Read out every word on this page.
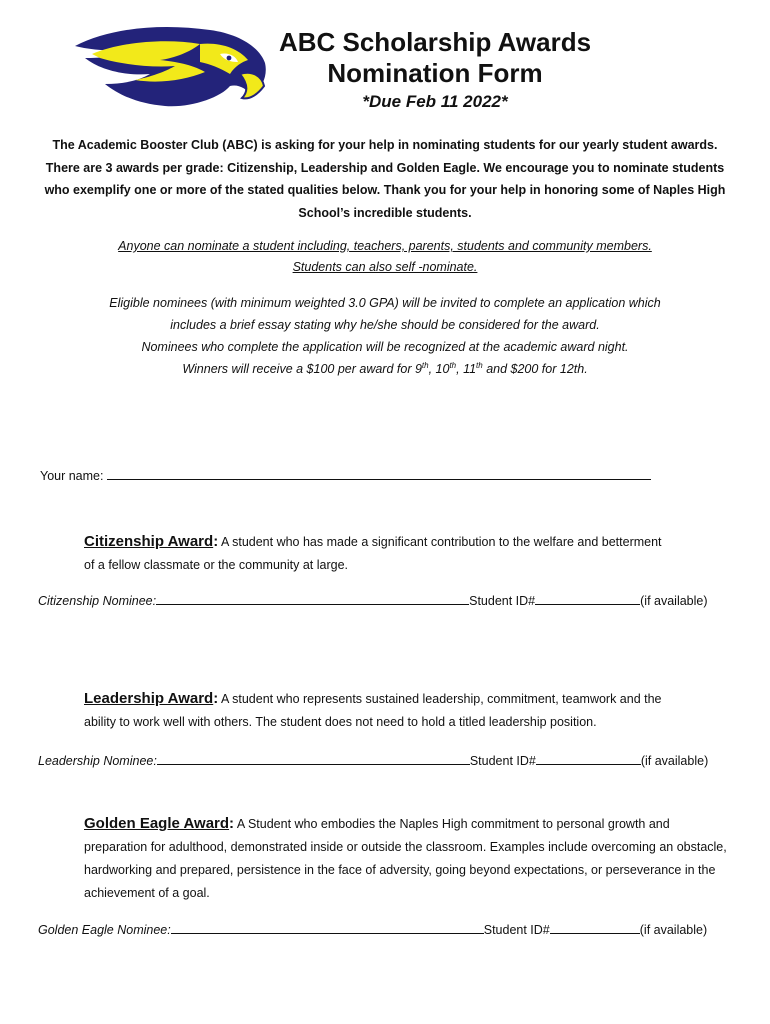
ABC Scholarship Awards
Nomination Form
*Due Feb 11 2022*
The Academic Booster Club (ABC) is asking for your help in nominating students for our yearly student awards. There are 3 awards per grade: Citizenship, Leadership and Golden Eagle. We encourage you to nominate students who exemplify one or more of the stated qualities below. Thank you for your help in honoring some of Naples High School’s incredible students.
Anyone can nominate a student including, teachers, parents, students and community members.
Students can also self -nominate.
Eligible nominees (with minimum weighted 3.0 GPA) will be invited to complete an application which
includes a brief essay stating why he/she should be considered for the award.
Nominees who complete the application will be recognized at the academic award night.
Winners will receive a $100 per award for 9th, 10th, 11th and $200 for 12th.
Your name:
Citizenship Award: A student who has made a significant contribution to the welfare and betterment
of a fellow classmate or the community at large.
Citizenship Nominee:	Student ID#	(if available)
Leadership Award: A student who represents sustained leadership, commitment, teamwork and the
ability to work well with others. The student does not need to hold a titled leadership position.
Leadership Nominee:	Student ID#	(if available)
Golden Eagle Award: A Student who embodies the Naples High commitment to personal growth and
preparation for adulthood, demonstrated inside or outside the classroom. Examples include overcoming an obstacle, hardworking and prepared, persistence in the face of adversity, going beyond expectations, or perseverance in the achievement of a goal.
Golden Eagle Nominee:	Student ID#	(if available)
